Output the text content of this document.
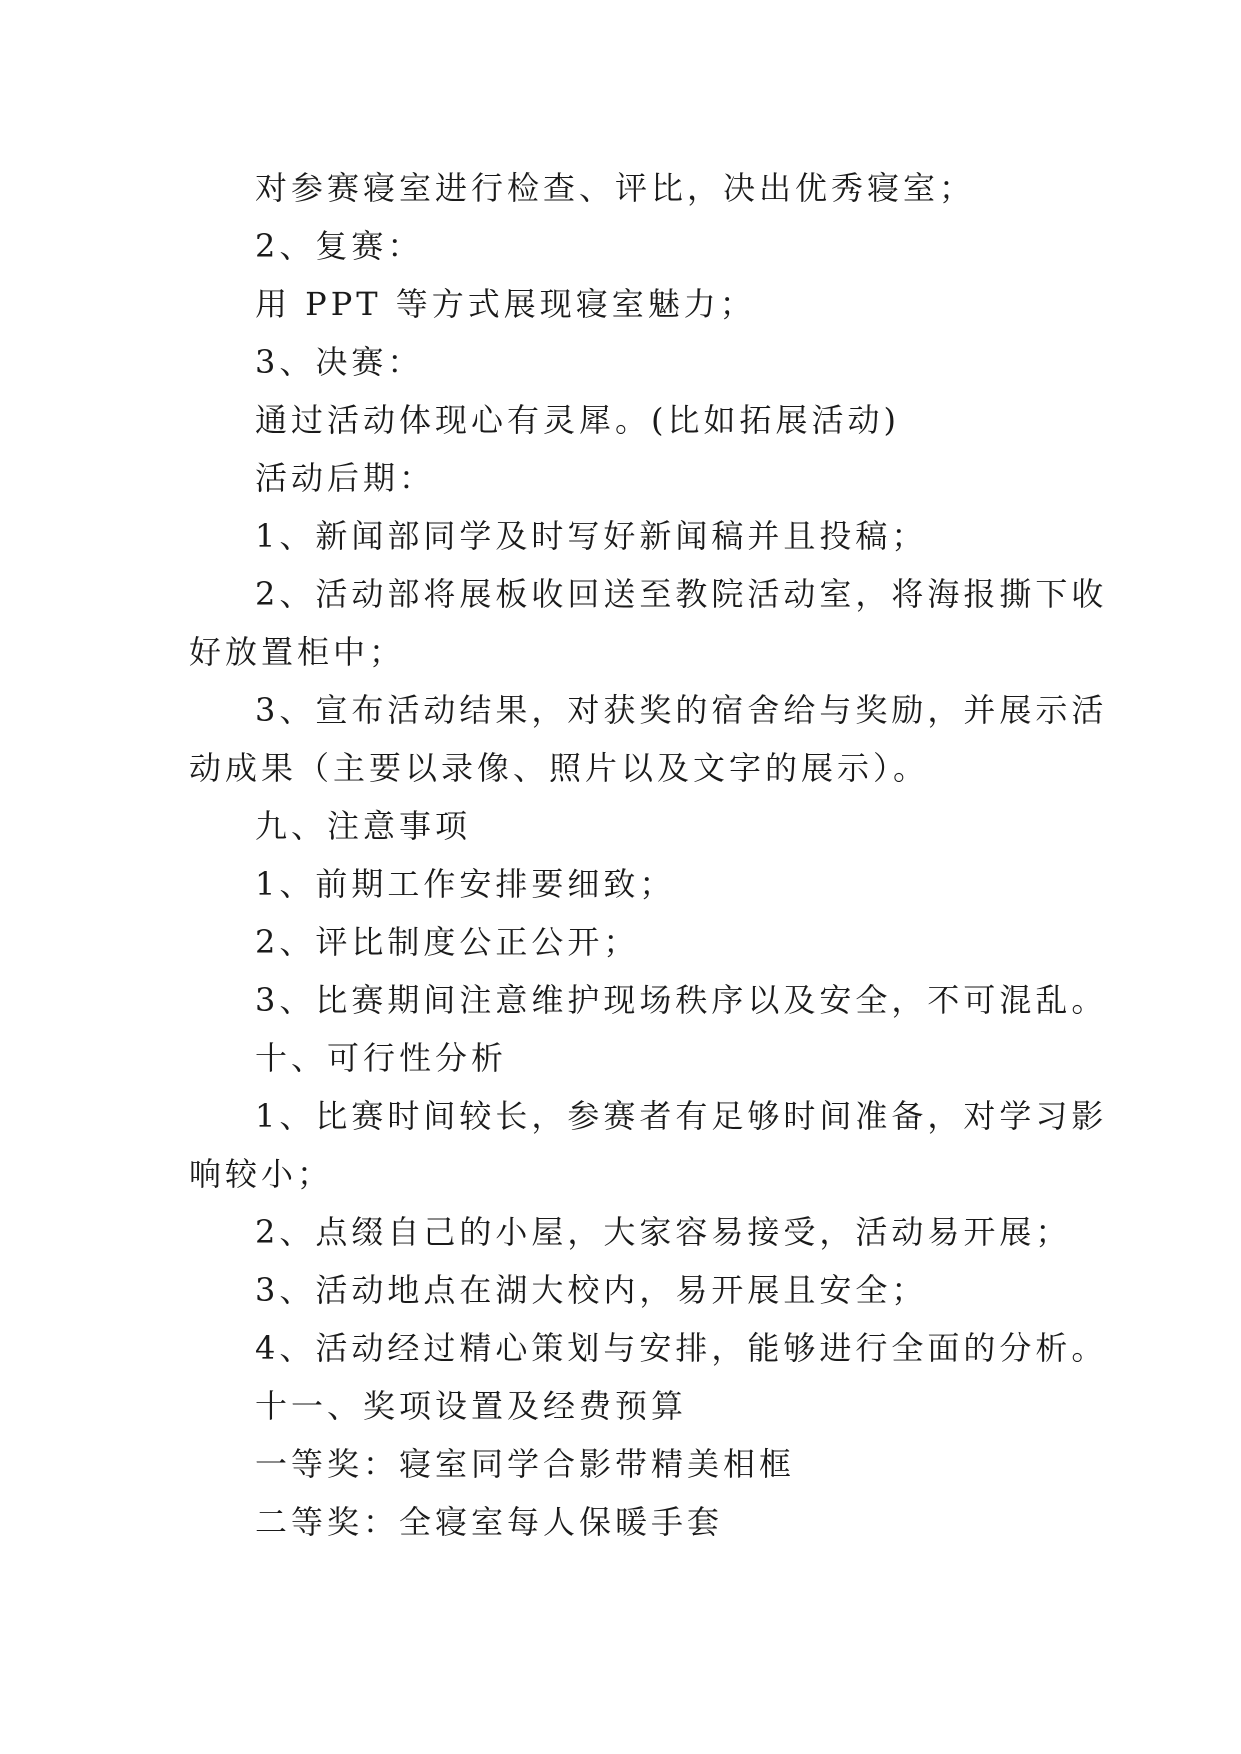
对参赛寝室进行检查、评比，决出优秀寝室；
2、复赛：
用 PPT 等方式展现寝室魅力；
3、决赛：
通过活动体现心有灵犀。(比如拓展活动)
活动后期：
1、新闻部同学及时写好新闻稿并且投稿；
2、活动部将展板收回送至教院活动室，将海报撕下收
好放置柜中；
3、宣布活动结果，对获奖的宿舍给与奖励，并展示活
动成果（主要以录像、照片以及文字的展示）。
九、注意事项
1、前期工作安排要细致；
2、评比制度公正公开；
3、比赛期间注意维护现场秩序以及安全，不可混乱。
十、可行性分析
1、比赛时间较长，参赛者有足够时间准备，对学习影
响较小；
2、点缀自己的小屋，大家容易接受，活动易开展；
3、活动地点在湖大校内，易开展且安全；
4、活动经过精心策划与安排，能够进行全面的分析。
十一、奖项设置及经费预算
一等奖：寝室同学合影带精美相框
二等奖：全寝室每人保暖手套
